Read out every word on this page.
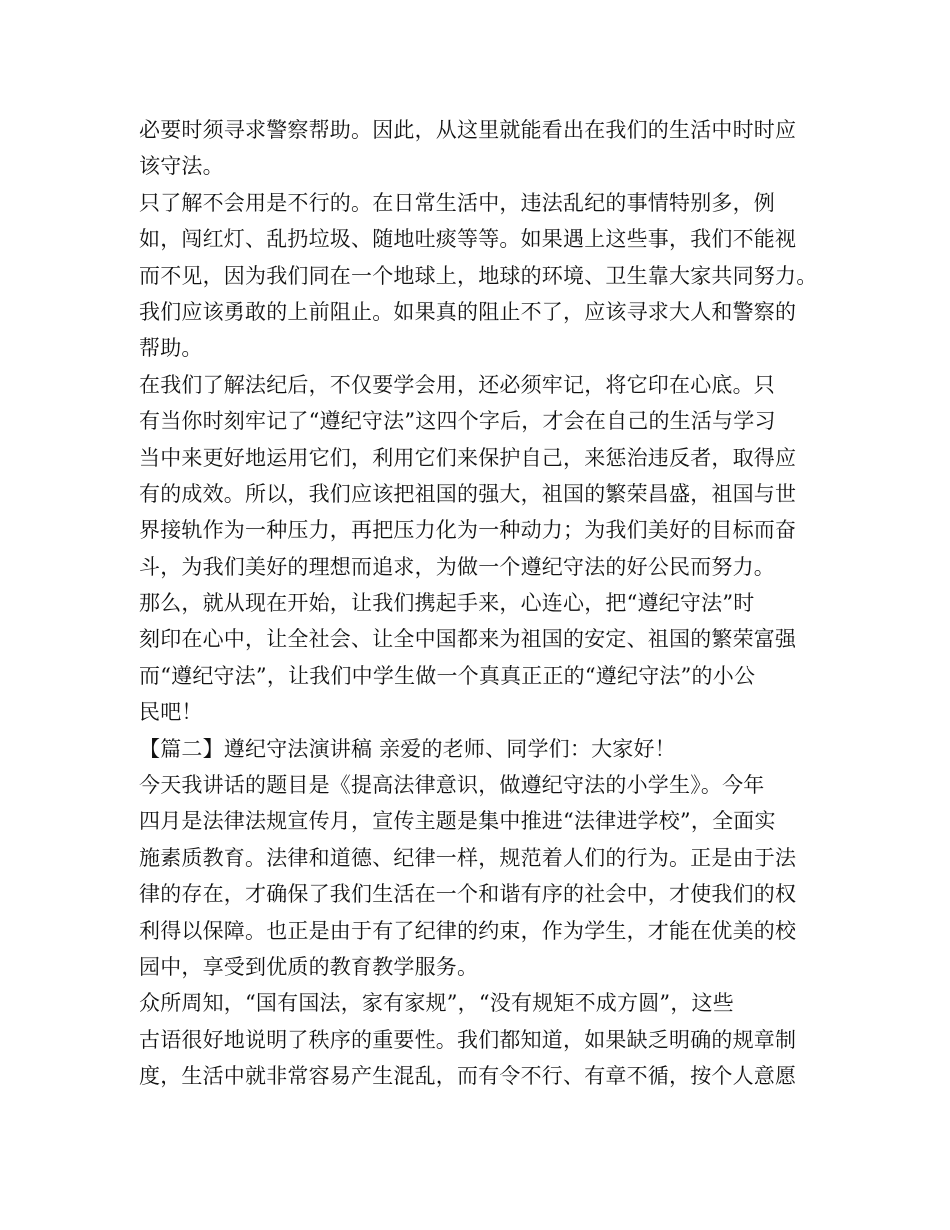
必要时须寻求警察帮助。因此，从这里就能看出在我们的生活中时时应
该守法。
只了解不会用是不行的。在日常生活中，违法乱纪的事情特别多，例
如，闯红灯、乱扔垃圾、随地吐痰等等。如果遇上这些事，我们不能视
而不见，因为我们同在一个地球上，地球的环境、卫生靠大家共同努力。
我们应该勇敢的上前阻止。如果真的阻止不了，应该寻求大人和警察的
帮助。
在我们了解法纪后，不仅要学会用，还必须牢记，将它印在心底。只
有当你时刻牢记了“遵纪守法”这四个字后，才会在自己的生活与学习
当中来更好地运用它们，利用它们来保护自己，来惩治违反者，取得应
有的成效。所以，我们应该把祖国的强大，祖国的繁荣昌盛，祖国与世
界接轨作为一种压力，再把压力化为一种动力；为我们美好的目标而奋
斗，为我们美好的理想而追求，为做一个遵纪守法的好公民而努力。
那么，就从现在开始，让我们携起手来，心连心，把“遵纪守法”时
刻印在心中，让全社会、让全中国都来为祖国的安定、祖国的繁荣富强
而“遵纪守法”，让我们中学生做一个真真正正的“遵纪守法”的小公
民吧！
【篇二】遵纪守法演讲稿 亲爱的老师、同学们：大家好！
今天我讲话的题目是《提高法律意识，做遵纪守法的小学生》。今年
四月是法律法规宣传月，宣传主题是集中推进“法律进学校”，全面实
施素质教育。法律和道德、纪律一样，规范着人们的行为。正是由于法
律的存在，才确保了我们生活在一个和谐有序的社会中，才使我们的权
利得以保障。也正是由于有了纪律的约束，作为学生，才能在优美的校
园中，享受到优质的教育教学服务。
众所周知，“国有国法，家有家规”，“没有规矩不成方圆”，这些
古语很好地说明了秩序的重要性。我们都知道，如果缺乏明确的规章制
度，生活中就非常容易产生混乱，而有令不行、有章不循，按个人意愿
